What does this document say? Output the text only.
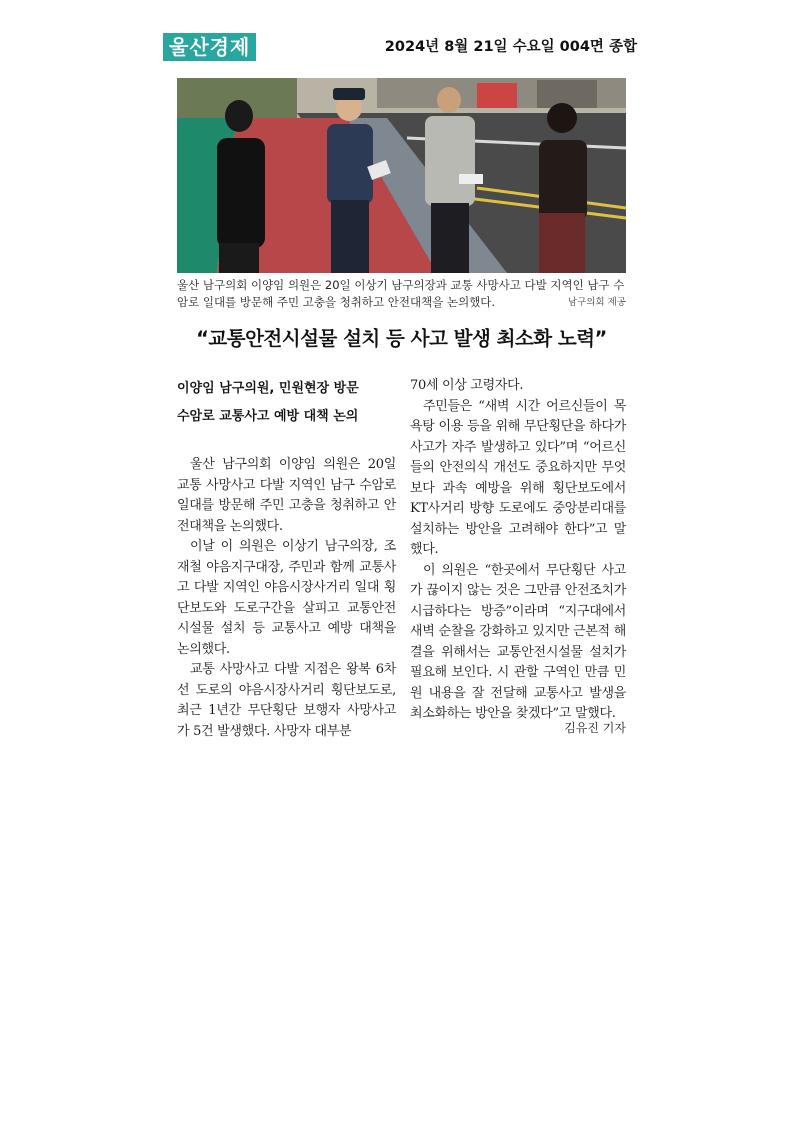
울산경제	2024년 8월 21일 수요일 004면 종합
울산 남구의회 이양임 의원은 20일 이상기 남구의장과 교통 사망사고 다발 지역인 남구 수암로 일대를 방문해 주민 고충을 청취하고 안전대책을 논의했다.	남구의회 제공
“교통안전시설물 설치 등 사고 발생 최소화 노력”
이양임 남구의원, 민원현장 방문
수암로 교통사고 예방 대책 논의

울산 남구의회 이양임 의원은 20일 교통 사망사고 다발 지역인 남구 수암로 일대를 방문해 주민 고충을 청취하고 안전대책을 논의했다.

이날 이 의원은 이상기 남구의장, 조재철 야음지구대장, 주민과 함께 교통사고 다발 지역인 야음시장사거리 일대 횡단보도와 도로구간을 살피고 교통안전시설물 설치 등 교통사고 예방 대책을 논의했다.

교통 사망사고 다발 지점은 왕복 6차선 도로의 야음시장사거리 횡단보도로, 최근 1년간 무단횡단 보행자 사망사고가 5건 발생했다. 사망자 대부분

70세 이상 고령자다.

주민들은 “새벽 시간 어르신들이 목욕탕 이용 등을 위해 무단횡단을 하다가 사고가 자주 발생하고 있다”며 “어르신들의 안전의식 개선도 중요하지만 무엇보다 과속 예방을 위해 횡단보도에서 KT사거리 방향 도로에도 중앙분리대를 설치하는 방안을 고려해야 한다”고 말했다.

이 의원은 “한곳에서 무단횡단 사고가 끊이지 않는 것은 그만큼 안전조치가 시급하다는 방증”이라며 “지구대에서 새벽 순찰을 강화하고 있지만 근본적 해결을 위해서는 교통안전시설물 설치가 필요해 보인다. 시 관할 구역인 만큼 민원 내용을 잘 전달해 교통사고 발생을 최소화하는 방안을 찾겠다”고 말했다.

김유진 기자
